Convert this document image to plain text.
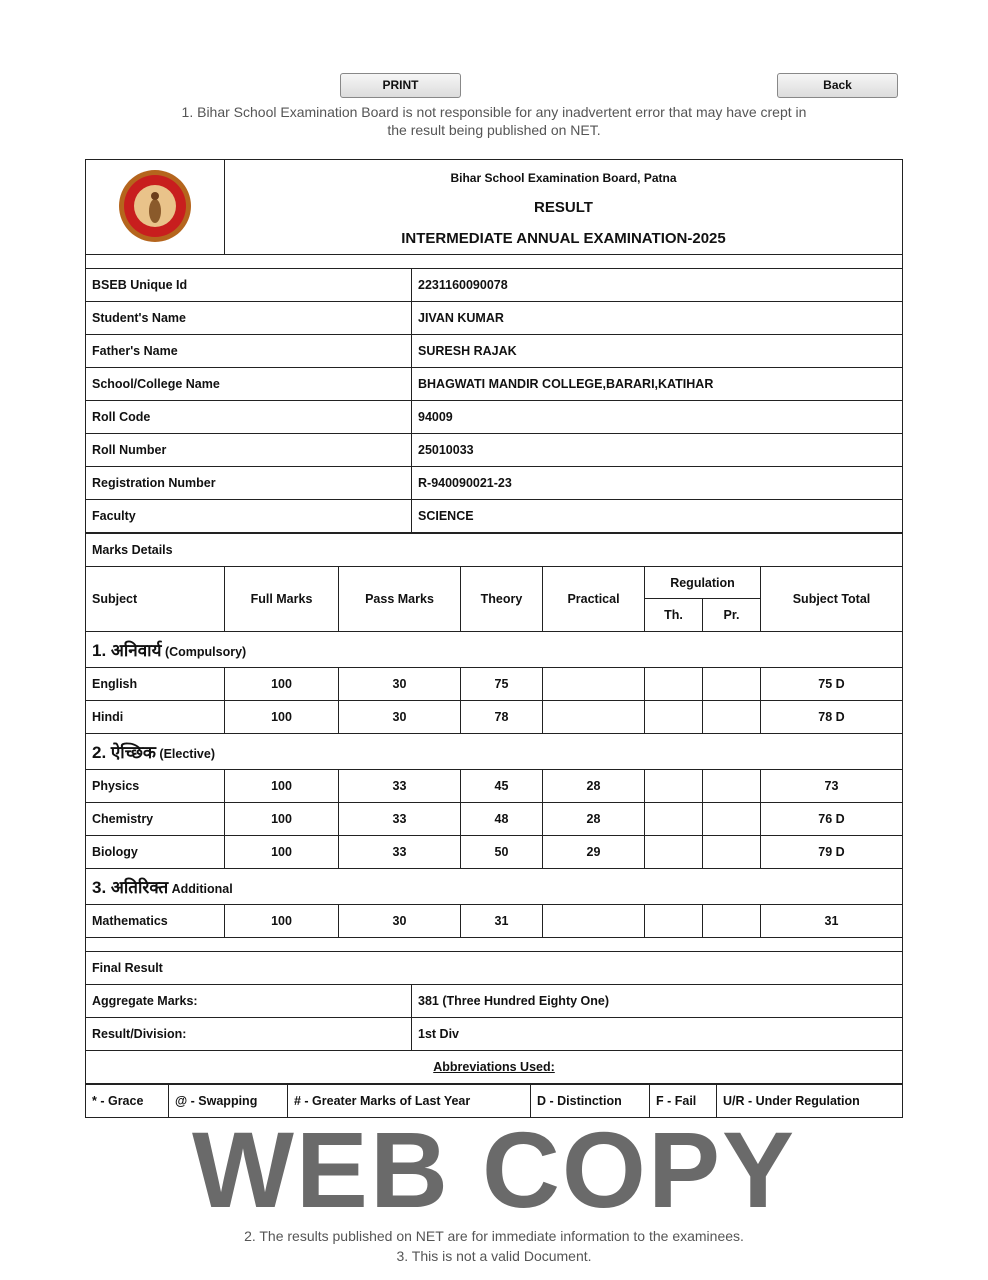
PRINT	Back
1. Bihar School Examination Board is not responsible for any inadvertent error that may have crept in
the result being published on NET.

Bihar School Examination Board, Patna
RESULT
INTERMEDIATE ANNUAL EXAMINATION-2025
BSEB Unique Id	2231160090078
Student's Name	JIVAN KUMAR
Father's Name	SURESH RAJAK
School/College Name	BHAGWATI MANDIR COLLEGE,BARARI,KATIHAR
Roll Code	94009
Roll Number	25010033
Registration Number	R-940090021-23
Faculty	SCIENCE
Marks Details							
Subject	Full Marks	Pass Marks	Theory	Practical	Regulation		Subject Total
					Th.	Pr.	
1. अनिवार्य (Compulsory)							
English	100	30	75				75 D
Hindi	100	30	78				78 D
2. ऐच्छिक (Elective)							
Physics	100	33	45	28			73
Chemistry	100	33	48	28			76 D
Biology	100	33	50	29			79 D
3. अतिरिक्त Additional							
Mathematics	100	30	31				31
Final Result	
Aggregate Marks:	381 (Three Hundred Eighty One)
Result/Division:	1st Div
Abbreviations Used:	
* - Grace	@ - Swapping	# - Greater Marks of Last Year	D - Distinction	F - Fail	U/R - Under Regulation
WEB COPY
2. The results published on NET are for immediate information to the examinees.
3. This is not a valid Document.
